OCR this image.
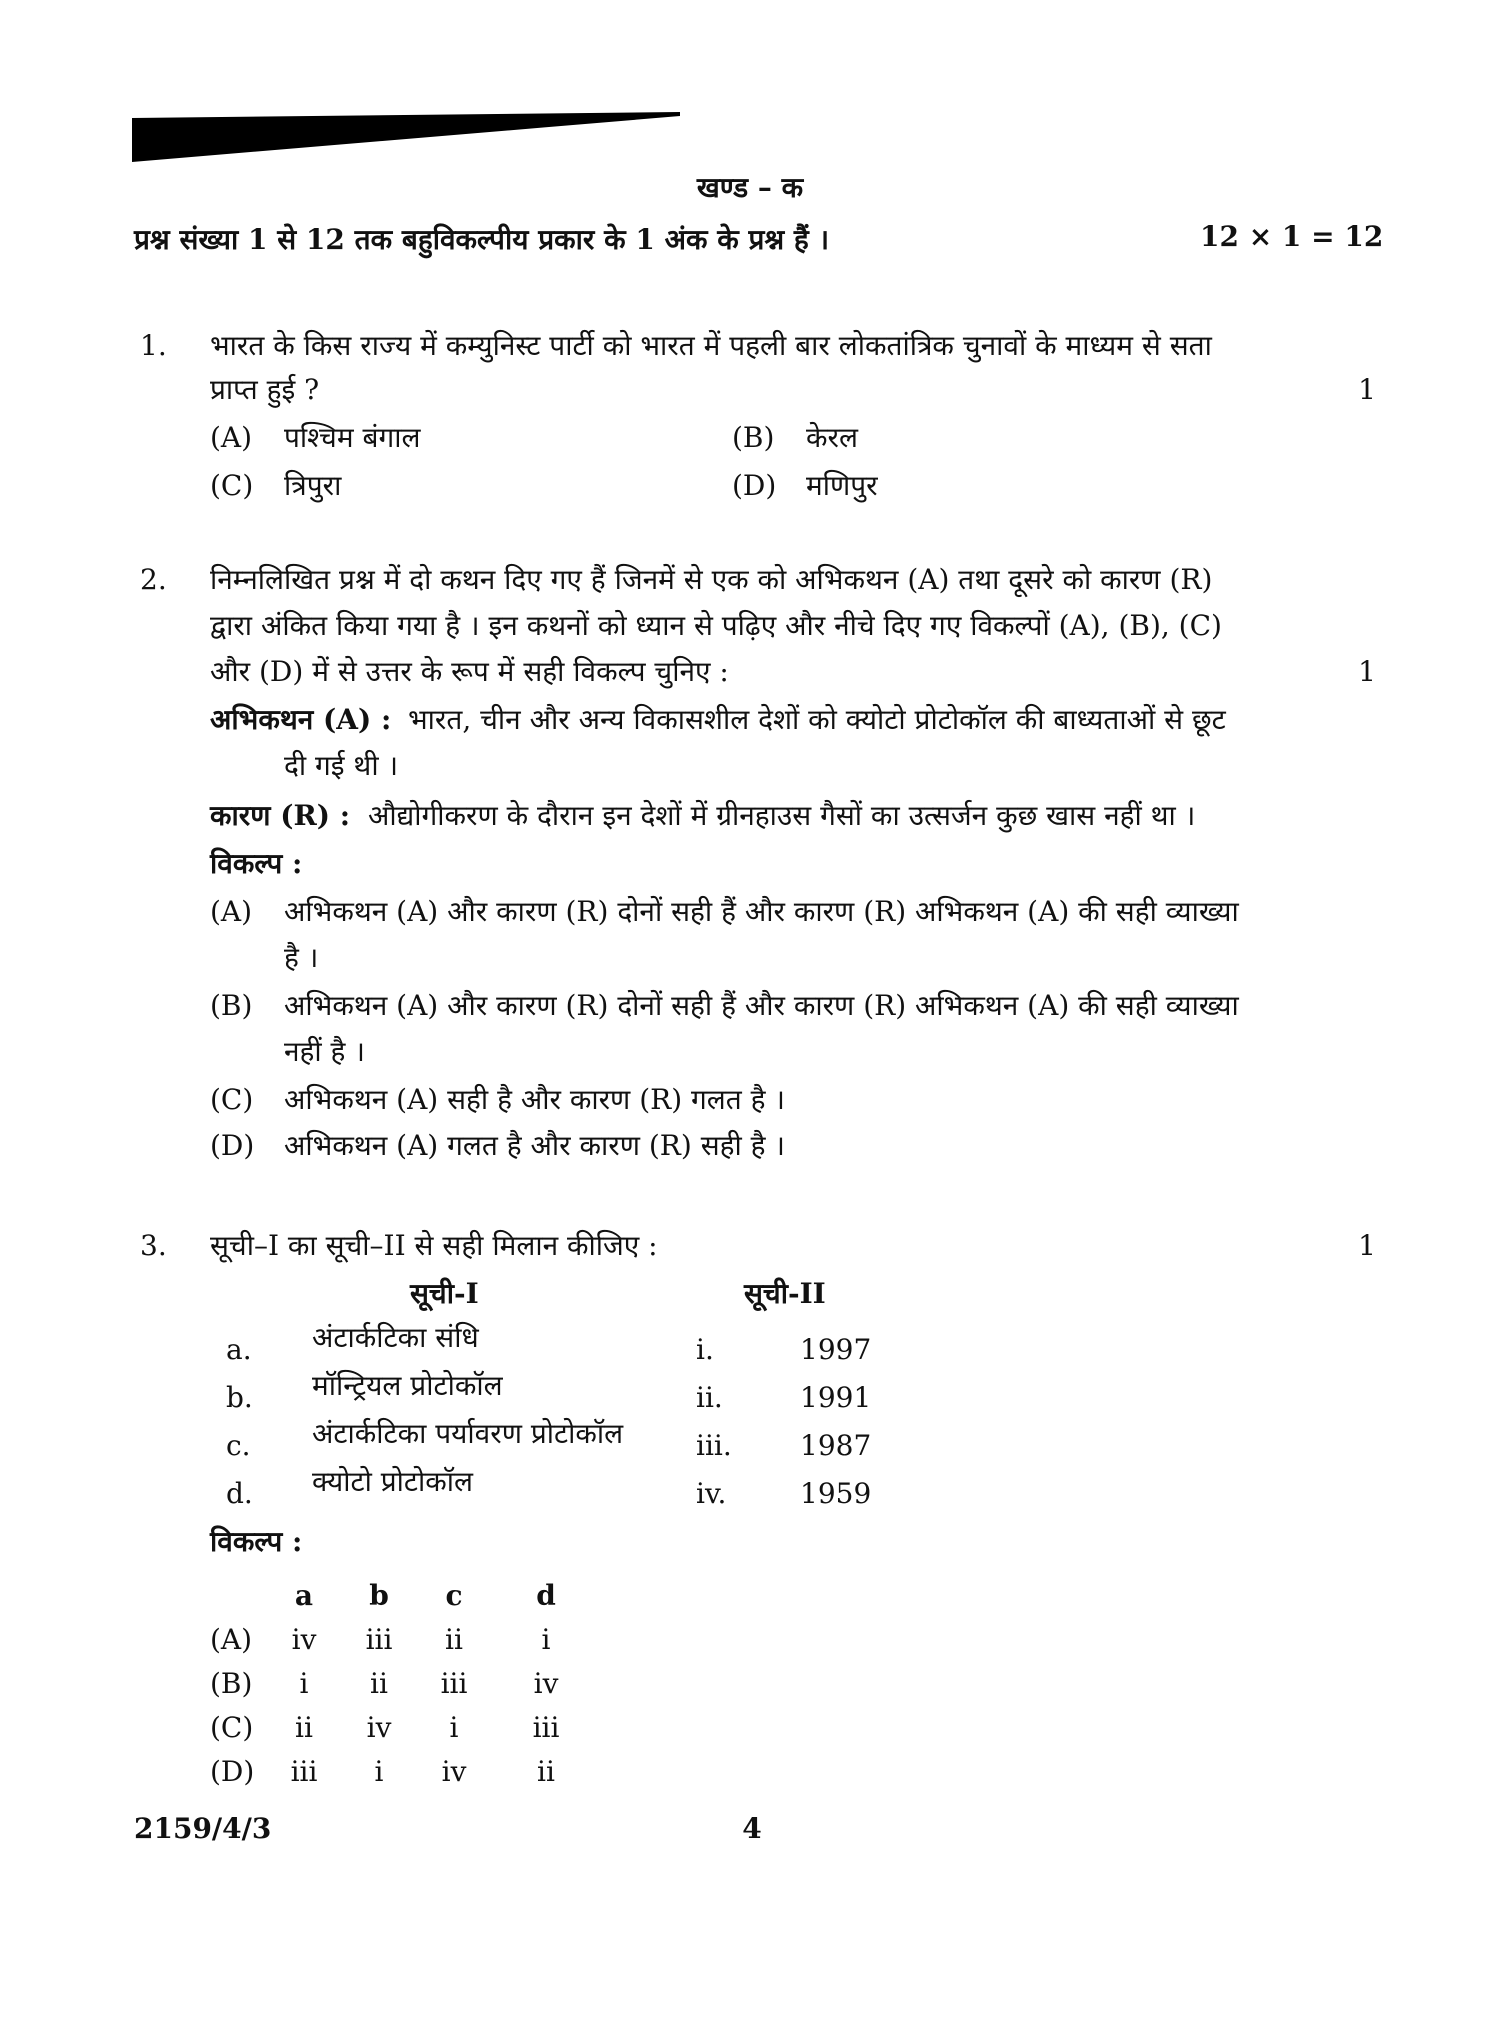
खण्ड – क
प्रश्न संख्या 1 से 12 तक बहुविकल्पीय प्रकार के 1 अंक के प्रश्न हैं ।	12 × 1 = 12
1.	भारत के किस राज्य में कम्युनिस्ट पार्टी को भारत में पहली बार लोकतांत्रिक चुनावों के माध्यम से सता
प्राप्त हुई ?	1
(A) पश्चिम बंगाल	(B) केरल
(C) त्रिपुरा	(D) मणिपुर
2.	निम्नलिखित प्रश्न में दो कथन दिए गए हैं जिनमें से एक को अभिकथन (A) तथा दूसरे को कारण (R)
द्वारा अंकित किया गया है । इन कथनों को ध्यान से पढ़िए और नीचे दिए गए विकल्पों (A), (B), (C)
और (D) में से उत्तर के रूप में सही विकल्प चुनिए :	1
अभिकथन (A) : भारत, चीन और अन्य विकासशील देशों को क्योटो प्रोटोकॉल की बाध्यताओं से छूट
दी गई थी ।
कारण (R) : औद्योगीकरण के दौरान इन देशों में ग्रीनहाउस गैसों का उत्सर्जन कुछ खास नहीं था ।
विकल्प :
(A) अभिकथन (A) और कारण (R) दोनों सही हैं और कारण (R) अभिकथन (A) की सही व्याख्या
है ।
(B) अभिकथन (A) और कारण (R) दोनों सही हैं और कारण (R) अभिकथन (A) की सही व्याख्या
नहीं है ।
(C) अभिकथन (A) सही है और कारण (R) गलत है ।
(D) अभिकथन (A) गलत है और कारण (R) सही है ।
3.	सूची–I का सूची–II से सही मिलान कीजिए :	1
सूची-I	सूची-II
a. अंटार्कटिका संधि	i.	1997
b. मॉन्ट्रियल प्रोटोकॉल	ii.	1991
c. अंटार्कटिका पर्यावरण प्रोटोकॉल	iii. 1987
d. क्योटो प्रोटोकॉल	iv.	1959
विकल्प :
a	b	c	d
(A)	iv	iii	ii	i
(B)	i	ii	iii	iv
(C)	ii	iv	i	iii
(D)	iii	i	iv	ii
2159/4/3	4
